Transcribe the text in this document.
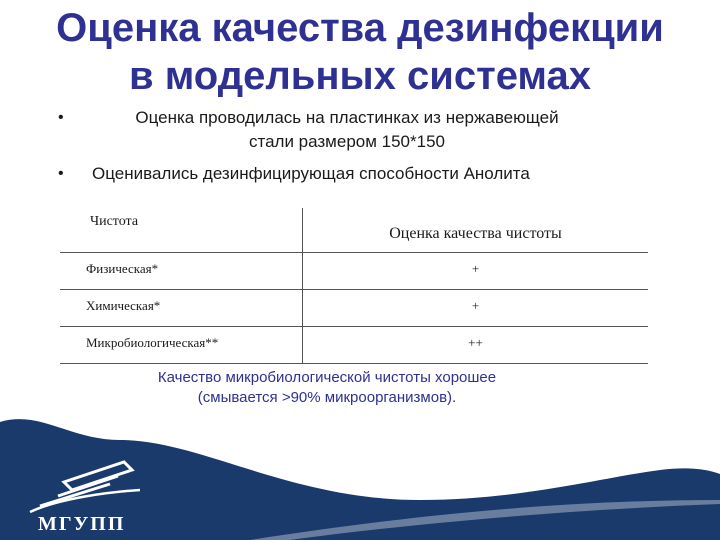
Оценка качества дезинфекции
в модельных системах
•	Оценка проводилась на пластинках из нержавеющей
стали размером 150*150
• Оценивались дезинфицирующая способности Анолита
Чистота	Оценка качества чистоты
Физическая*	+
Химическая*	+
Микробиологическая**	++
Качество микробиологической чистоты хорошее
(смывается >90% микроорганизмов).
МГУПП
